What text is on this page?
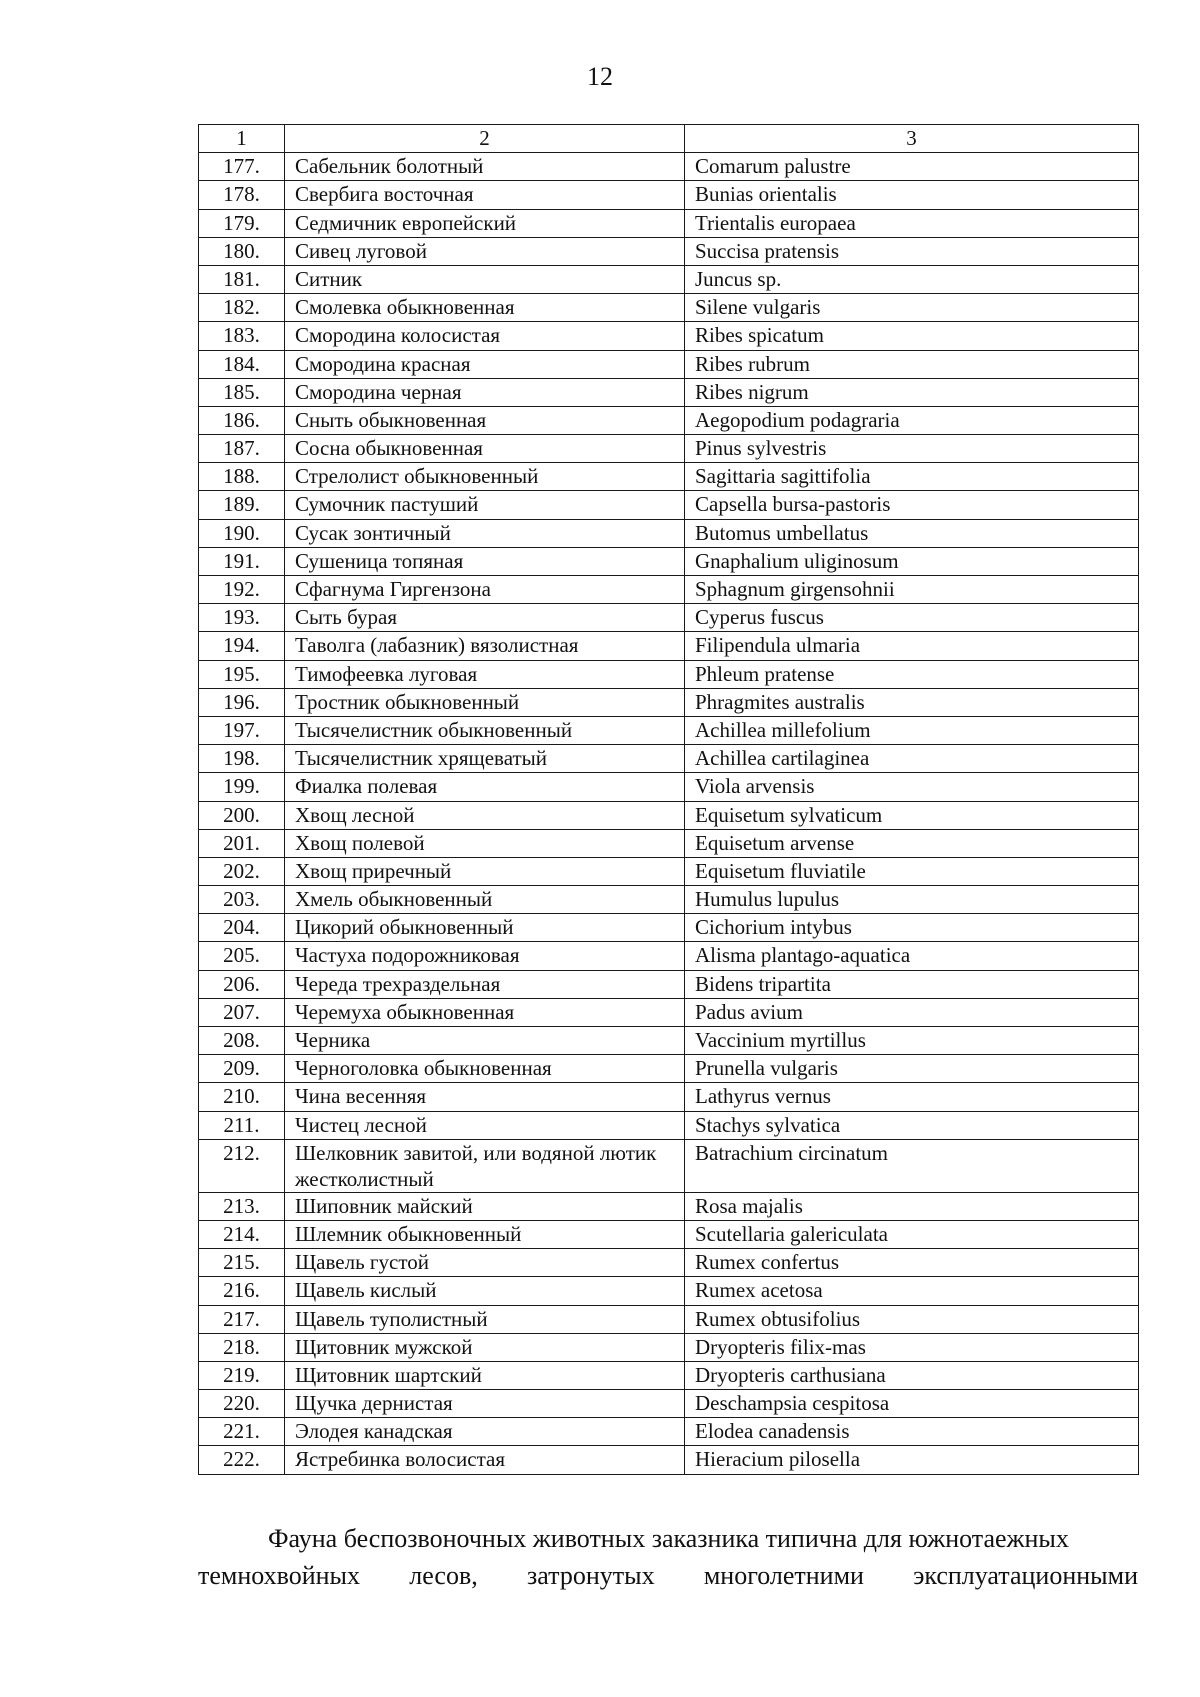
12
1	2	3
177.	Сабельник болотный	Comarum palustre
178.	Свербига восточная	Bunias orientalis
179.	Седмичник европейский	Trientalis europaea
180.	Сивец луговой	Succisa pratensis
181.	Ситник	Juncus sp.
182.	Смолевка обыкновенная	Silene vulgaris
183.	Смородина колосистая	Ribes spicatum
184.	Смородина красная	Ribes rubrum
185.	Смородина черная	Ribes nigrum
186.	Сныть обыкновенная	Aegopodium podagraria
187.	Сосна обыкновенная	Pinus sylvestris
188.	Стрелолист обыкновенный	Sagittaria sagittifolia
189.	Сумочник пастуший	Capsella bursa-pastoris
190.	Сусак зонтичный	Butomus umbellatus
191.	Сушеница топяная	Gnaphalium uliginosum
192.	Сфагнума Гиргензона	Sphagnum girgensohnii
193.	Сыть бурая	Cyperus fuscus
194.	Таволга (лабазник) вязолистная	Filipendula ulmaria
195.	Тимофеевка луговая	Phleum pratense
196.	Тростник обыкновенный	Phragmites australis
197.	Тысячелистник обыкновенный	Achillea millefolium
198.	Тысячелистник хрящеватый	Achillea cartilaginea
199.	Фиалка полевая	Viola arvensis
200.	Хвощ лесной	Equisetum sylvaticum
201.	Хвощ полевой	Equisetum arvense
202.	Хвощ приречный	Equisetum fluviatile
203.	Хмель обыкновенный	Humulus lupulus
204.	Цикорий обыкновенный	Cichorium intybus
205.	Частуха подорожниковая	Alisma plantago-aquatica
206.	Череда трехраздельная	Bidens tripartita
207.	Черемуха обыкновенная	Padus avium
208.	Черника	Vaccinium myrtillus
209.	Черноголовка обыкновенная	Prunella vulgaris
210.	Чина весенняя	Lathyrus vernus
211.	Чистец лесной	Stachys sylvatica
212.	Шелковник завитой, или водяной лютик жестколистный	Batrachium circinatum
213.	Шиповник майский	Rosa majalis
214.	Шлемник обыкновенный	Scutellaria galericulata
215.	Щавель густой	Rumex confertus
216.	Щавель кислый	Rumex acetosa
217.	Щавель туполистный	Rumex obtusifolius
218.	Щитовник мужской	Dryopteris filix-mas
219.	Щитовник шартский	Dryopteris carthusiana
220.	Щучка дернистая	Deschampsia cespitosa
221.	Элодея канадская	Elodea canadensis
222.	Ястребинка волосистая	Hieracium pilosella
Фауна беспозвоночных животных заказника типична для южнотаежных
темнохвойных лесов, затронутых многолетними эксплуатационными
